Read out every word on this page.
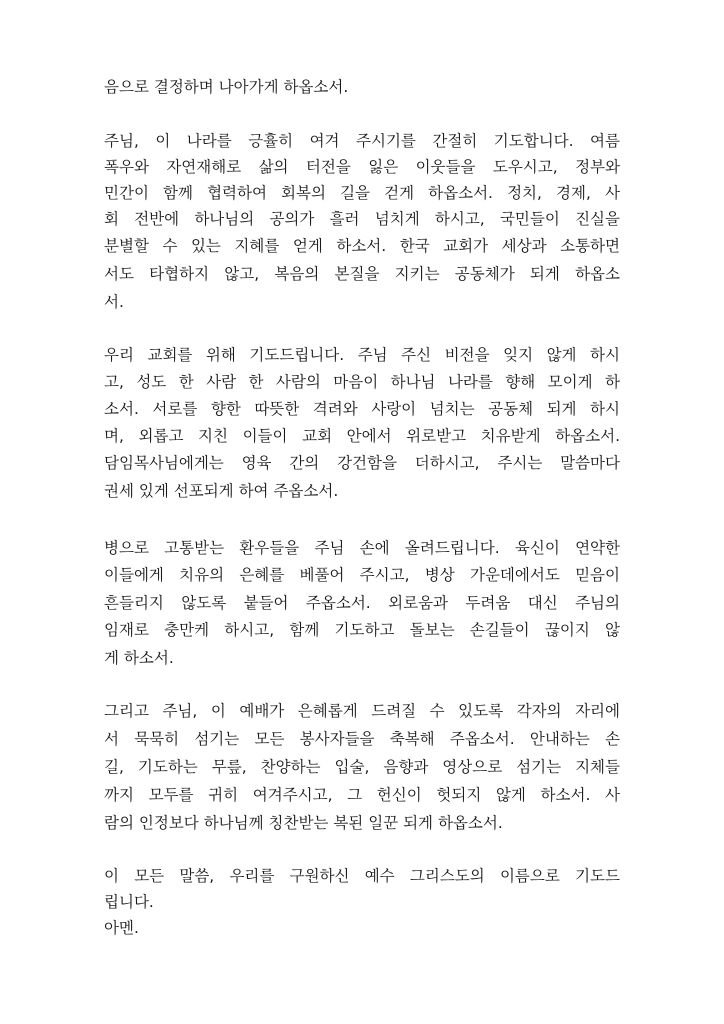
음으로 결정하며 나아가게 하옵소서.
주님, 이 나라를 긍휼히 여겨 주시기를 간절히 기도합니다. 여름
폭우와 자연재해로 삶의 터전을 잃은 이웃들을 도우시고, 정부와
민간이 함께 협력하여 회복의 길을 걷게 하옵소서. 정치, 경제, 사
회 전반에 하나님의 공의가 흘러 넘치게 하시고, 국민들이 진실을
분별할 수 있는 지혜를 얻게 하소서. 한국 교회가 세상과 소통하면
서도 타협하지 않고, 복음의 본질을 지키는 공동체가 되게 하옵소
서.
우리 교회를 위해 기도드립니다. 주님 주신 비전을 잊지 않게 하시
고, 성도 한 사람 한 사람의 마음이 하나님 나라를 향해 모이게 하
소서. 서로를 향한 따뜻한 격려와 사랑이 넘치는 공동체 되게 하시
며, 외롭고 지친 이들이 교회 안에서 위로받고 치유받게 하옵소서.
담임목사님에게는 영육 간의 강건함을 더하시고, 주시는 말씀마다
권세 있게 선포되게 하여 주옵소서.
병으로 고통받는 환우들을 주님 손에 올려드립니다. 육신이 연약한
이들에게 치유의 은혜를 베풀어 주시고, 병상 가운데에서도 믿음이
흔들리지 않도록 붙들어 주옵소서. 외로움과 두려움 대신 주님의
임재로 충만케 하시고, 함께 기도하고 돌보는 손길들이 끊이지 않
게 하소서.
그리고 주님, 이 예배가 은혜롭게 드려질 수 있도록 각자의 자리에
서 묵묵히 섬기는 모든 봉사자들을 축복해 주옵소서. 안내하는 손
길, 기도하는 무릎, 찬양하는 입술, 음향과 영상으로 섬기는 지체들
까지 모두를 귀히 여겨주시고, 그 헌신이 헛되지 않게 하소서. 사
람의 인정보다 하나님께 칭찬받는 복된 일꾼 되게 하옵소서.
이 모든 말씀, 우리를 구원하신 예수 그리스도의 이름으로 기도드
립니다.
아멘.
